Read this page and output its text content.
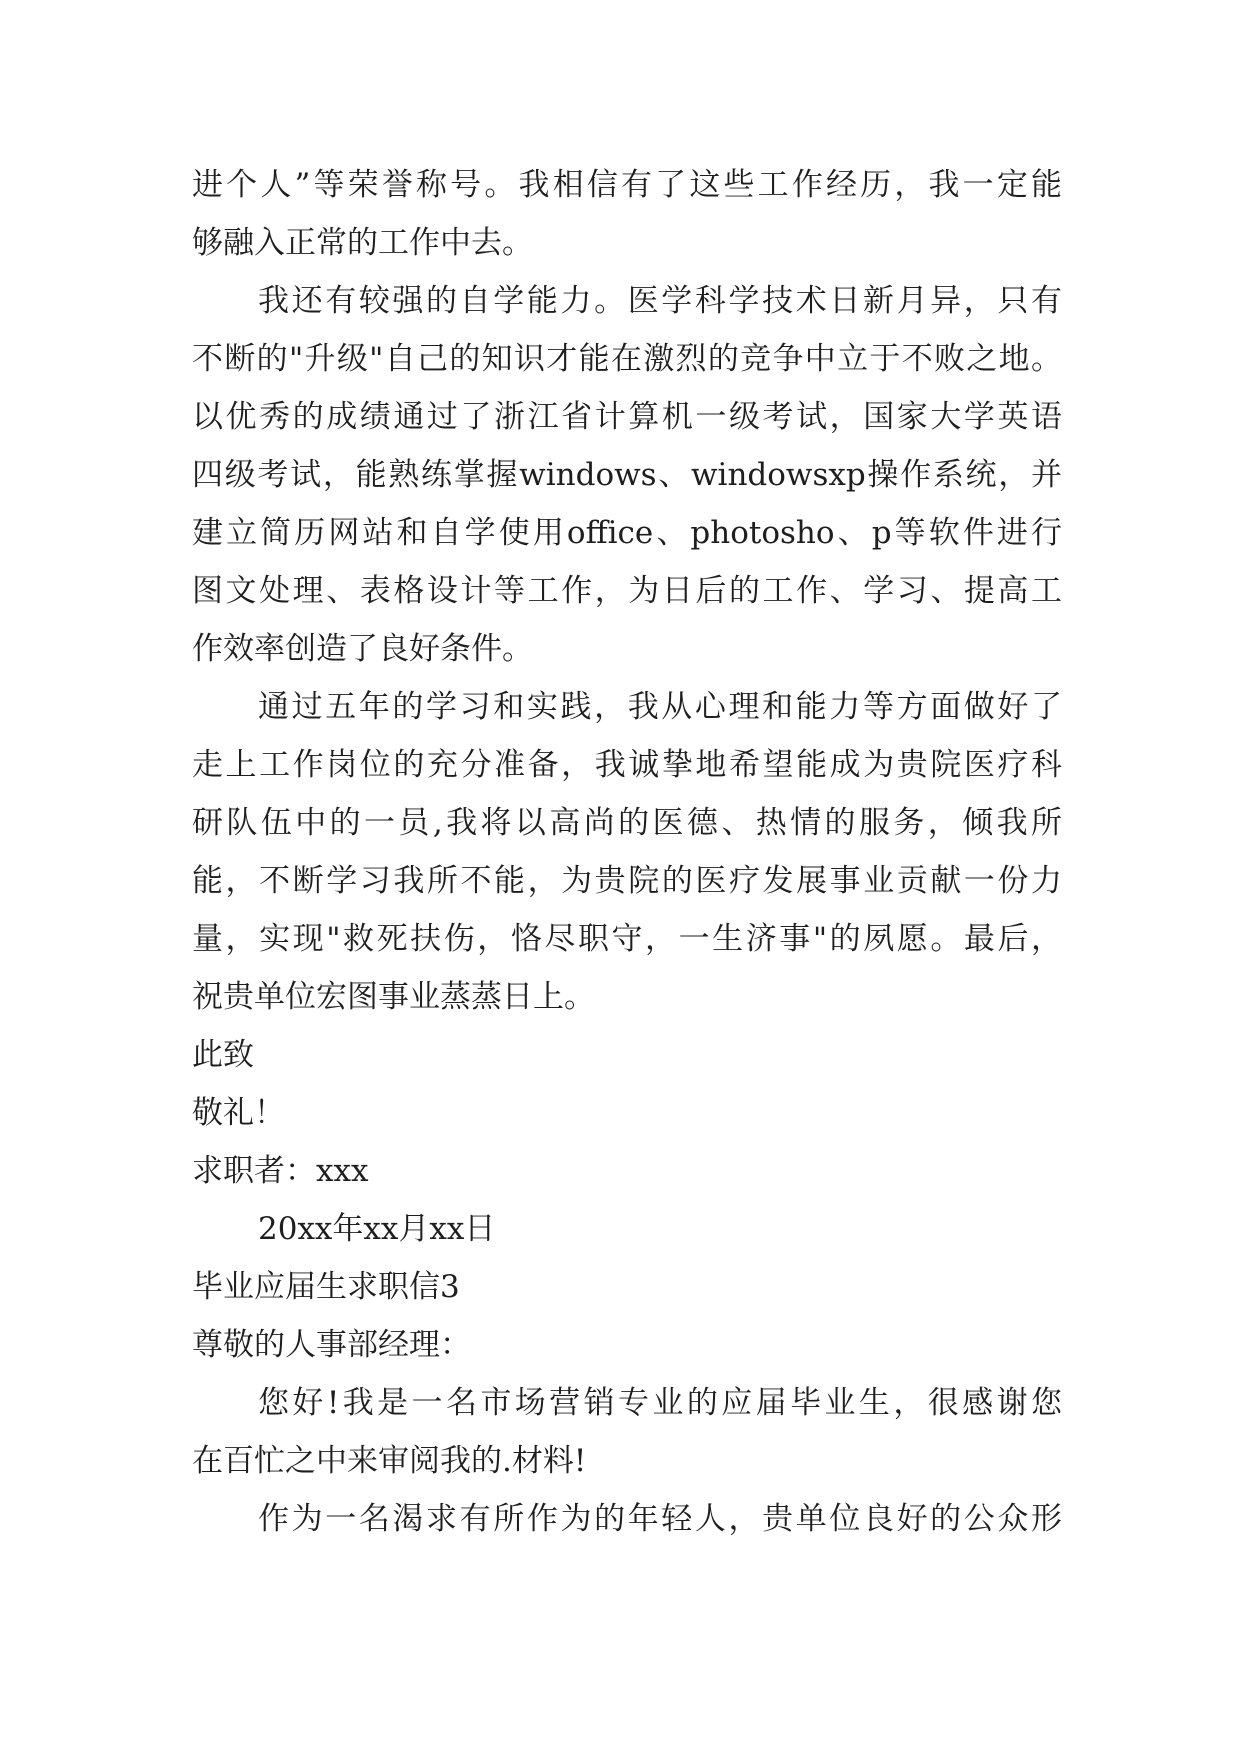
进个人”等荣誉称号。我相信有了这些工作经历，我一定能
够融入正常的工作中去。
我还有较强的自学能力。医学科学技术日新月异，只有
不断的"升级"自己的知识才能在激烈的竞争中立于不败之地。
以优秀的成绩通过了浙江省计算机一级考试，国家大学英语
四级考试，能熟练掌握windows、windowsxp操作系统，并
建立简历网站和自学使用office、photosho、p等软件进行
图文处理、表格设计等工作，为日后的工作、学习、提高工
作效率创造了良好条件。
通过五年的学习和实践，我从心理和能力等方面做好了
走上工作岗位的充分准备，我诚挚地希望能成为贵院医疗科
研队伍中的一员,我将以高尚的医德、热情的服务，倾我所
能，不断学习我所不能，为贵院的医疗发展事业贡献一份力
量，实现"救死扶伤，恪尽职守，一生济事"的夙愿。最后，
祝贵单位宏图事业蒸蒸日上。
此致
敬礼！
求职者：xxx
20xx年xx月xx日
毕业应届生求职信3
尊敬的人事部经理：
您好!我是一名市场营销专业的应届毕业生，很感谢您
在百忙之中来审阅我的.材料!
作为一名渴求有所作为的年轻人，贵单位良好的公众形
